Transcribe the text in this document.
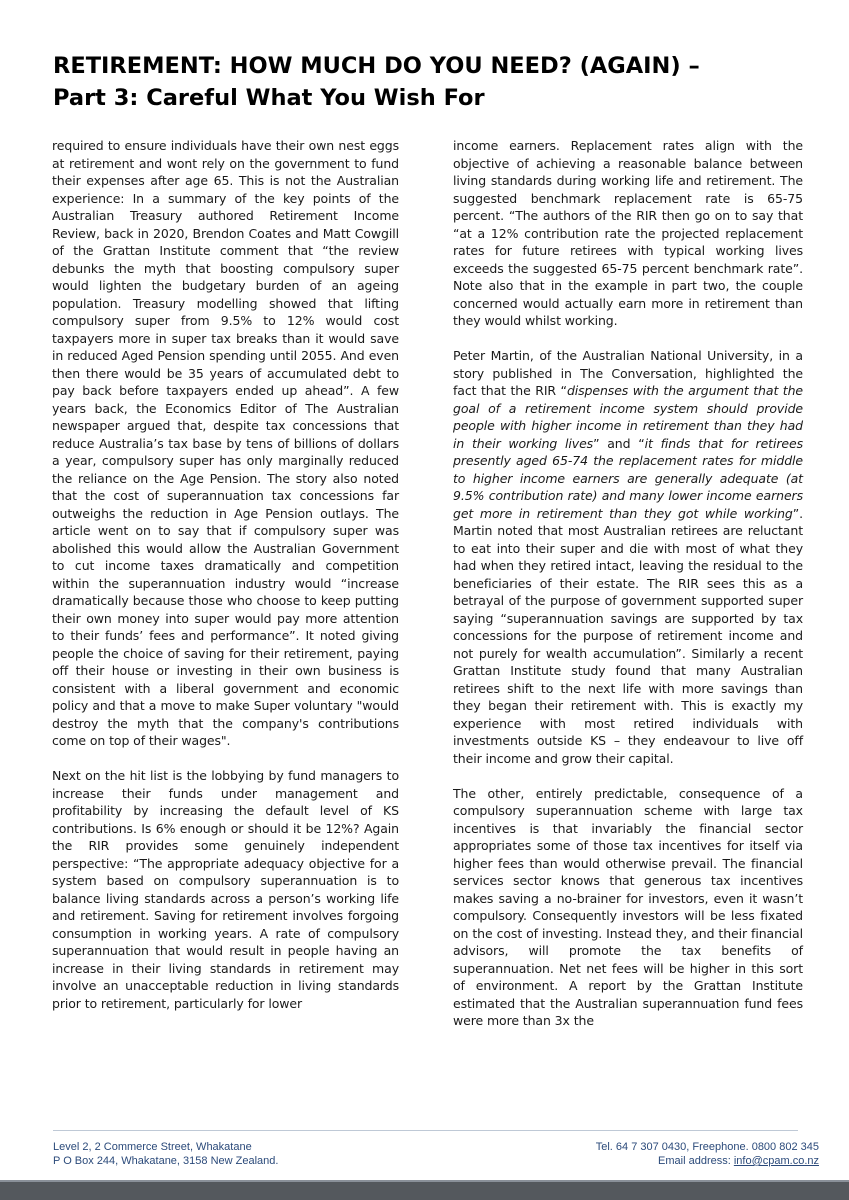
RETIREMENT: HOW MUCH DO YOU NEED? (AGAIN) –
Part 3: Careful What You Wish For

required to ensure individuals have their own nest eggs at retirement and wont rely on the government to fund their expenses after age 65. This is not the Australian experience: In a summary of the key points of the Australian Treasury authored Retirement Income Review, back in 2020, Brendon Coates and Matt Cowgill of the Grattan Institute comment that “the review debunks the myth that boosting compulsory super would lighten the budgetary burden of an ageing population. Treasury modelling showed that lifting compulsory super from 9.5% to 12% would cost taxpayers more in super tax breaks than it would save in reduced Aged Pension spending until 2055. And even then there would be 35 years of accumulated debt to pay back before taxpayers ended up ahead”. A few years back, the Economics Editor of The Australian newspaper argued that, despite tax concessions that reduce Australia’s tax base by tens of billions of dollars a year, compulsory super has only marginally reduced the reliance on the Age Pension. The story also noted that the cost of superannuation tax concessions far outweighs the reduction in Age Pension outlays. The article went on to say that if compulsory super was abolished this would allow the Australian Government to cut income taxes dramatically and competition within the superannuation industry would “increase dramatically because those who choose to keep putting their own money into super would pay more attention to their funds’ fees and performance”. It noted giving people the choice of saving for their retirement, paying off their house or investing in their own business is consistent with a liberal government and economic policy and that a move to make Super voluntary "would destroy the myth that the company's contributions come on top of their wages".

Next on the hit list is the lobbying by fund managers to increase their funds under management and profitability by increasing the default level of KS contributions. Is 6% enough or should it be 12%? Again the RIR provides some genuinely independent perspective: “The appropriate adequacy objective for a system based on compulsory superannuation is to balance living standards across a person’s working life and retirement. Saving for retirement involves forgoing consumption in working years. A rate of compulsory superannuation that would result in people having an increase in their living standards in retirement may involve an unacceptable reduction in living standards prior to retirement, particularly for lower

income earners. Replacement rates align with the objective of achieving a reasonable balance between living standards during working life and retirement. The suggested benchmark replacement rate is 65-75 percent. “The authors of the RIR then go on to say that “at a 12% contribution rate the projected replacement rates for future retirees with typical working lives exceeds the suggested 65-75 percent benchmark rate”. Note also that in the example in part two, the couple concerned would actually earn more in retirement than they would whilst working.

Peter Martin, of the Australian National University, in a story published in The Conversation, highlighted the fact that the RIR “dispenses with the argument that the goal of a retirement income system should provide people with higher income in retirement than they had in their working lives” and “it finds that for retirees presently aged 65-74 the replacement rates for middle to higher income earners are generally adequate (at 9.5% contribution rate) and many lower income earners get more in retirement than they got while working”. Martin noted that most Australian retirees are reluctant to eat into their super and die with most of what they had when they retired intact, leaving the residual to the beneficiaries of their estate. The RIR sees this as a betrayal of the purpose of government supported super saying “superannuation savings are supported by tax concessions for the purpose of retirement income and not purely for wealth accumulation”. Similarly a recent Grattan Institute study found that many Australian retirees shift to the next life with more savings than they began their retirement with. This is exactly my experience with most retired individuals with investments outside KS – they endeavour to live off their income and grow their capital.

The other, entirely predictable, consequence of a compulsory superannuation scheme with large tax incentives is that invariably the financial sector appropriates some of those tax incentives for itself via higher fees than would otherwise prevail. The financial services sector knows that generous tax incentives makes saving a no-brainer for investors, even it wasn’t compulsory. Consequently investors will be less fixated on the cost of investing. Instead they, and their financial advisors, will promote the tax benefits of superannuation. Net net fees will be higher in this sort of environment. A report by the Grattan Institute estimated that the Australian superannuation fund fees were more than 3x the

Level 2, 2 Commerce Street, Whakatane
P O Box 244, Whakatane, 3158 New Zealand.
Tel. 64 7 307 0430, Freephone. 0800 802 345
Email address: info@cpam.co.nz
